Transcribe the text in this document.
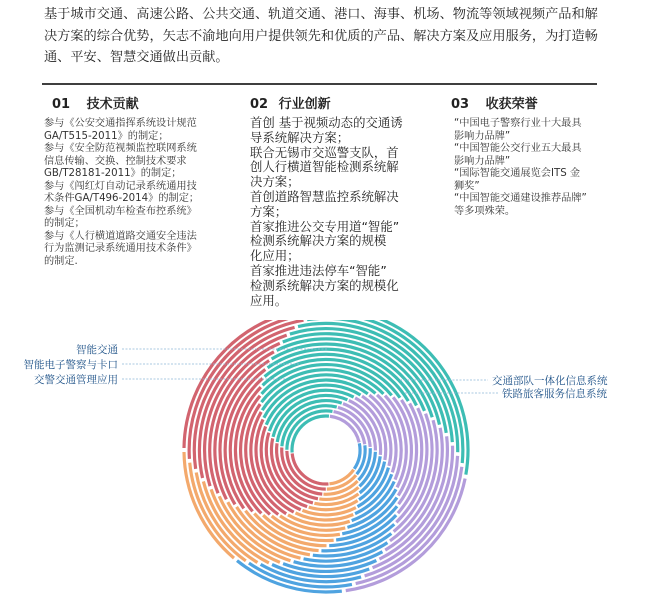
基于城市交通、高速公路、公共交通、轨道交通、港口、海事、机场、物流等领域视频产品和解
决方案的综合优势，矢志不渝地向用户提供领先和优质的产品、解决方案及应用服务，为打造畅
通、平安、智慧交通做出贡献。
01 技术贡献
参与《公安交通指挥系统设计规范
GA/T515-2011》的制定；
参与《安全防范视频监控联网系统
信息传输、交换、控制技术要求
GB/T28181-2011》的制定；
参与《闯红灯自动记录系统通用技
术条件GA/T496-2014》的制定；
参与《全国机动车检查布控系统》
的制定；
参与《人行横道道路交通安全违法
行为监测记录系统通用技术条件》
的制定.
02 行业创新
首创 基于视频动态的交通诱
导系统解决方案；
联合无锡市交巡警支队，首
创人行横道智能检测系统解
决方案；
首创道路智慧监控系统解决
方案；
首家推进公交专用道“智能”
检测系统解决方案的规模
化应用；
首家推进违法停车“智能”
检测系统解决方案的规模化
应用。
03 收获荣誉
“中国电子警察行业十大最具
影响力品牌”
“中国智能公交行业五大最具
影响力品牌”
“国际智能交通展览会ITS 金
狮奖”
“中国智能交通建设推荐品牌”
等多项殊荣。
智能交通
智能电子警察与卡口
交警交通管理应用	交通部队一体化信息系统
铁路旅客服务信息系统
